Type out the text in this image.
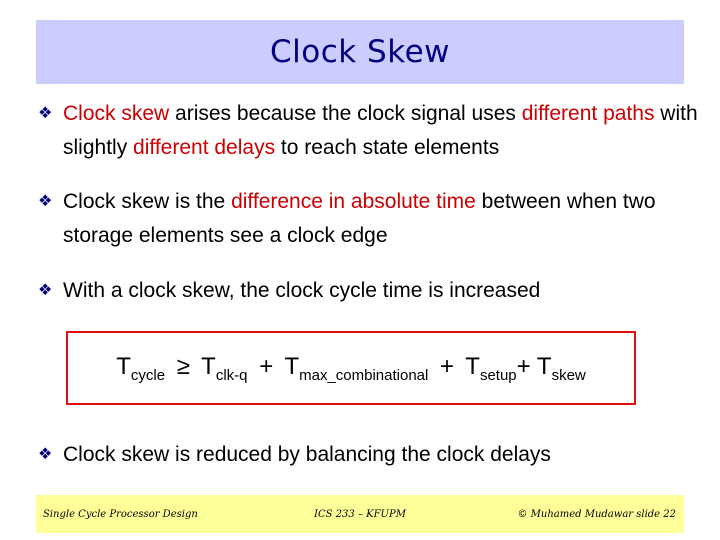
Clock Skew
❖ Clock skew arises because the clock signal uses different paths with slightly different delays to reach state elements
❖ Clock skew is the difference in absolute time between when two storage elements see a clock edge
❖ With a clock skew, the clock cycle time is increased
$T_{cycle} \ge T_{clk-q} + T_{max\_combinational} + T_{setup}+ T_{skew}$
❖ Clock skew is reduced by balancing the clock delays
Single Cycle Processor Design	ICS 233 – KFUPM	© Muhamed Mudawar slide 22
